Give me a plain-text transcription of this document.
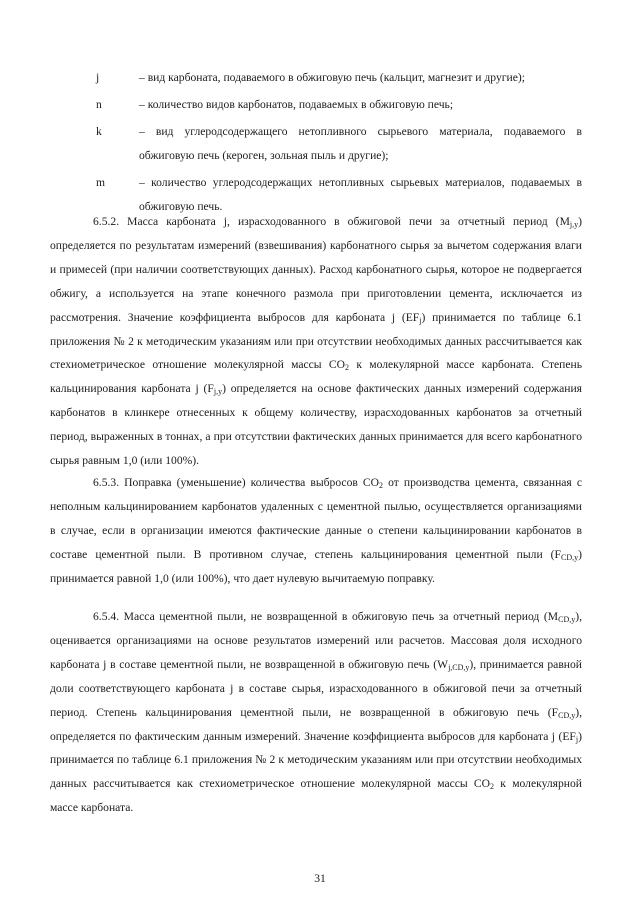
j	– вид карбоната, подаваемого в обжиговую печь (кальцит, магнезит и другие);
n	– количество видов карбонатов, подаваемых в обжиговую печь;
k	– вид углеродсодержащего нетопливного сырьевого материала, подаваемого в обжиговую печь (кероген, зольная пыль и другие);
m	– количество углеродсодержащих нетопливных сырьевых материалов, подаваемых в обжиговую печь.

6.5.2. Масса карбоната j, израсходованного в обжиговой печи за отчетный период $(M_{j,y})$ определяется по результатам измерений (взвешивания) карбонатного сырья за вычетом содержания влаги и примесей (при наличии соответствующих данных). Расход карбонатного сырья, которое не подвергается обжигу, а используется на этапе конечного размола при приготовлении цемента, исключается из рассмотрения. Значение коэффициента выбросов для карбоната j $(EF_j)$ принимается по таблице 6.1 приложения № 2 к методическим указаниям или при отсутствии необходимых данных рассчитывается как стехиометрическое отношение молекулярной массы $CO_2$ к молекулярной массе карбоната. Степень кальцинирования карбоната j $(F_{j,y})$ определяется на основе фактических данных измерений содержания карбонатов в клинкере отнесенных к общему количеству, израсходованных карбонатов за отчетный период, выраженных в тоннах, а при отсутствии фактических данных принимается для всего карбонатного сырья равным 1,0 (или 100%).

6.5.3. Поправка (уменьшение) количества выбросов $CO_2$ от производства цемента, связанная с неполным кальцинированием карбонатов удаленных с цементной пылью, осуществляется организациями в случае, если в организации имеются фактические данные о степени кальцинировании карбонатов в составе цементной пыли. В противном случае, степень кальцинирования цементной пыли $(F_{CD,y})$ принимается равной 1,0 (или 100%), что дает нулевую вычитаемую поправку.

6.5.4. Масса цементной пыли, не возвращенной в обжиговую печь за отчетный период $(M_{CD,y})$, оценивается организациями на основе результатов измерений или расчетов. Массовая доля исходного карбоната j в составе цементной пыли, не возвращенной в обжиговую печь $(W_{j,CD,y})$, принимается равной доли соответствующего карбоната j в составе сырья, израсходованного в обжиговой печи за отчетный период. Степень кальцинирования цементной пыли, не возвращенной в обжиговую печь $(F_{CD,y})$, определяется по фактическим данным измерений. Значение коэффициента выбросов для карбоната j $(EF_j)$ принимается по таблице 6.1 приложения № 2 к методическим указаниям или при отсутствии необходимых данных рассчитывается как стехиометрическое отношение молекулярной массы $CO_2$ к молекулярной массе карбоната.

31
